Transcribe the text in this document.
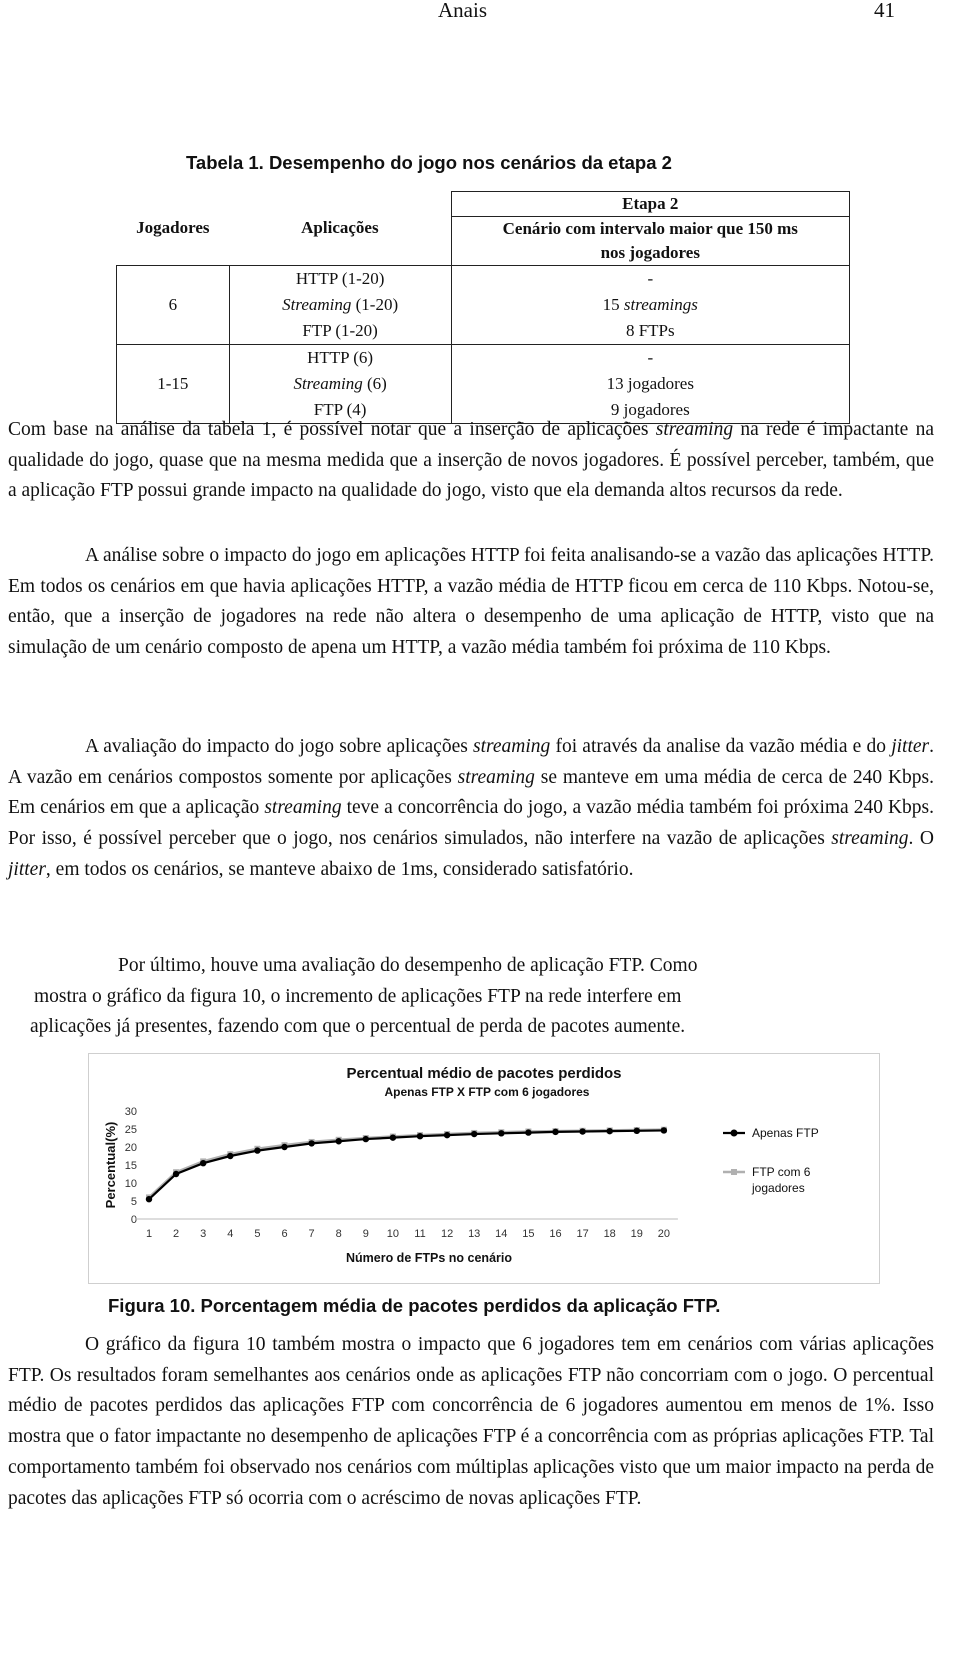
Anais	41
Tabela 1. Desempenho do jogo nos cenários da etapa 2
Jogadores	Aplicações	Etapa 2
		Cenário com intervalo maior que 150 ms
		nos jogadores
6	HTTP (1-20)	-
	Streaming (1-20)	15 streamings
	FTP (1-20)	8 FTPs
1-15	HTTP (6)	-
	Streaming (6)	13 jogadores
	FTP (4)	9 jogadores

Com base na análise da tabela 1, é possível notar que a inserção de aplicações streaming na rede é impactante na qualidade do jogo, quase que na mesma medida que a inserção de novos jogadores. É possível perceber, também, que a aplicação FTP possui grande impacto na qualidade do jogo, visto que ela demanda altos recursos da rede.

A análise sobre o impacto do jogo em aplicações HTTP foi feita analisando-se a vazão das aplicações HTTP. Em todos os cenários em que havia aplicações HTTP, a vazão média de HTTP ficou em cerca de 110 Kbps. Notou-se, então, que a inserção de jogadores na rede não altera o desempenho de uma aplicação de HTTP, visto que na simulação de um cenário composto de apena um HTTP, a vazão média também foi próxima de 110 Kbps.

A avaliação do impacto do jogo sobre aplicações streaming foi através da analise da vazão média e do jitter. A vazão em cenários compostos somente por aplicações streaming se manteve em uma média de cerca de 240 Kbps. Em cenários em que a aplicação streaming teve a concorrência do jogo, a vazão média também foi próxima 240 Kbps. Por isso, é possível perceber que o jogo, nos cenários simulados, não interfere na vazão de aplicações streaming. O jitter, em todos os cenários, se manteve abaixo de 1ms, considerado satisfatório.

Por último, houve uma avaliação do desempenho de aplicação FTP. Como
mostra o gráfico da figura 10, o incremento de aplicações FTP na rede interfere em
aplicações já presentes, fazendo com que o percentual de perda de pacotes aumente.
Percentual médio de pacotes perdidos
Apenas FTP X FTP com 6 jogadores
Percentual(%)
Número de FTPs no cenário
0
5
10
15
20
25
30
1 2 3 4 5 6 7 8 9 10 11 12 13 14 15 16 17 18 19 20
Apenas FTP
FTP com 6 jogadores
Figura 10. Porcentagem média de pacotes perdidos da aplicação FTP.

O gráfico da figura 10 também mostra o impacto que 6 jogadores tem em cenários com várias aplicações FTP. Os resultados foram semelhantes aos cenários onde as aplicações FTP não concorriam com o jogo. O percentual médio de pacotes perdidos das aplicações FTP com concorrência de 6 jogadores aumentou em menos de 1%. Isso mostra que o fator impactante no desempenho de aplicações FTP é a concorrência com as próprias aplicações FTP. Tal comportamento também foi observado nos cenários com múltiplas aplicações visto que um maior impacto na perda de pacotes das aplicações FTP só ocorria com o acréscimo de novas aplicações FTP.
